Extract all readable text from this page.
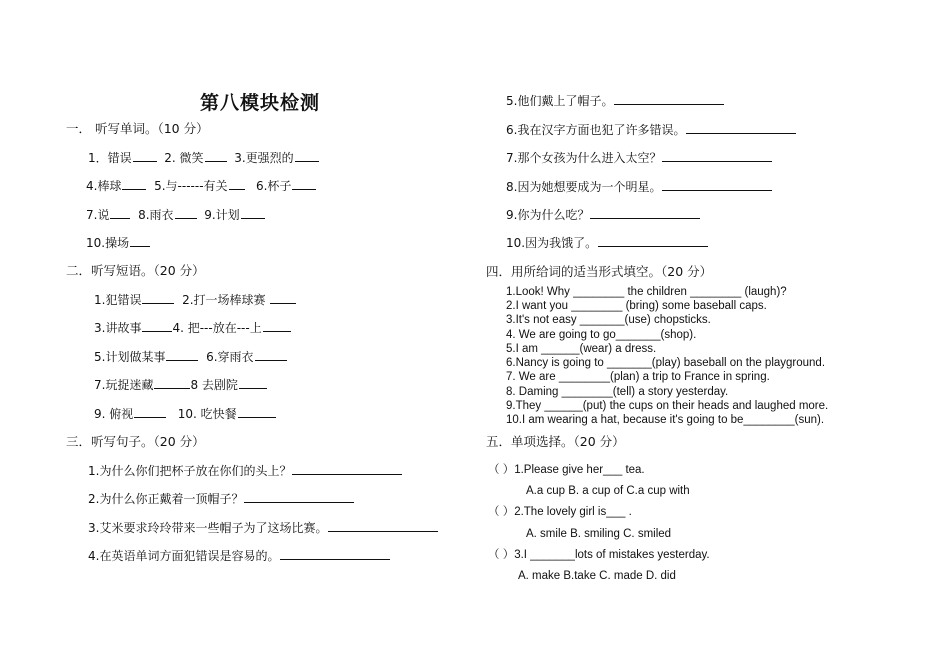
第八模块检测
一． 听写单词。（10 分）
1．错误	2. 微笑	3.更强烈的
4.棒球	5.与------有关 6.杯子
7.说 8.雨衣	9.计划
10.操场
二．听写短语。（20 分）
1.犯错误	2.打一场棒球赛
3.讲故事	4. 把---放在---上
5.计划做某事	6.穿雨衣
7.玩捉迷藏	8 去剧院
9. 俯视	10. 吃快餐
三．听写句子。（20 分）
1.为什么你们把杯子放在你们的头上？
2.为什么你正戴着一顶帽子？
3.艾米要求玲玲带来一些帽子为了这场比赛。
4.在英语单词方面犯错误是容易的。
5.他们戴上了帽子。
6.我在汉字方面也犯了许多错误。
7.那个女孩为什么进入太空？
8.因为她想要成为一个明星。
9.你为什么吃？
10.因为我饿了。
四．用所给词的适当形式填空。（20 分）
1.Look! Why ________ the children ________ (laugh)?
2.I want you ________ (bring) some baseball caps.
3.It's not easy _______(use) chopsticks.
4. We are going to go_______(shop).
5.I am ______(wear) a dress.
6.Nancy is going to _______(play) baseball on the playground.
7. We are ________(plan) a trip to France in spring.
8. Daming ________(tell) a story yesterday.
9.They ______(put) the cups on their heads and laughed more.
10.I am wearing a hat, because it's going to be________(sun).
五．单项选择。（20 分）
（ ）1.Please give her___ tea.
A.a cup B. a cup of C.a cup with
（ ）2.The lovely girl is___ .
A. smile B. smiling C. smiled
（ ）3.I _______lots of mistakes yesterday.
A. make B.take C. made D. did
